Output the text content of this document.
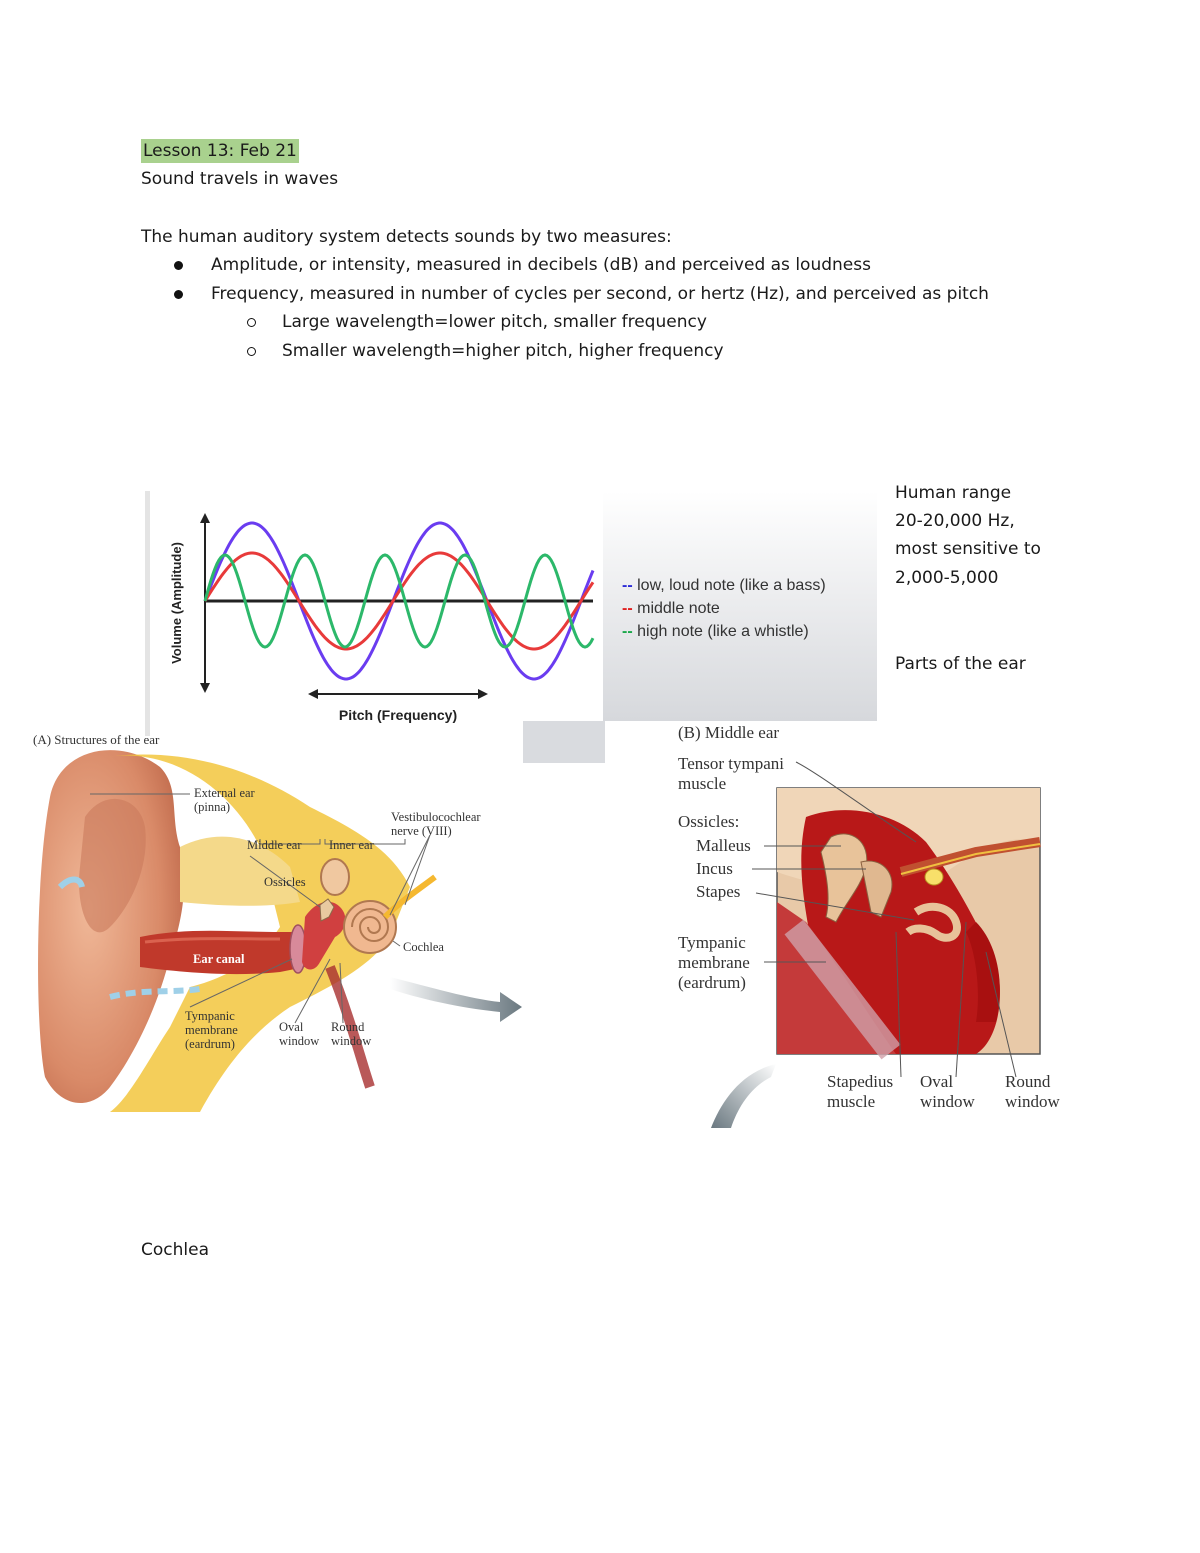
Lesson 13: Feb 21
Sound travels in waves
The human auditory system detects sounds by two measures:
Amplitude, or intensity, measured in decibels (dB) and perceived as loudness
Frequency, measured in number of cycles per second, or hertz (Hz), and perceived as pitch
Large wavelength=lower pitch, smaller frequency
Smaller wavelength=higher pitch, higher frequency
Human range
20-20,000 Hz,
most sensitive to
2,000-5,000
Parts of the ear
Volume (Amplitude)
Pitch (Frequency)
-- low, loud note (like a bass)
-- middle note
-- high note (like a whistle)
(A) Structures of the ear
External ear
(pinna)
Vestibulocochlear
nerve (VIII)
Middle ear Inner ear
Ossicles
Cochlea
Ear canal
Tympanic
membrane
(eardrum)
Oval
window
Round
window
(B) Middle ear
Tensor tympani
muscle
Ossicles:
Malleus
Incus
Stapes
Tympanic
membrane
(eardrum)
Stapedius
muscle
Oval
window
Round
window
Cochlea
